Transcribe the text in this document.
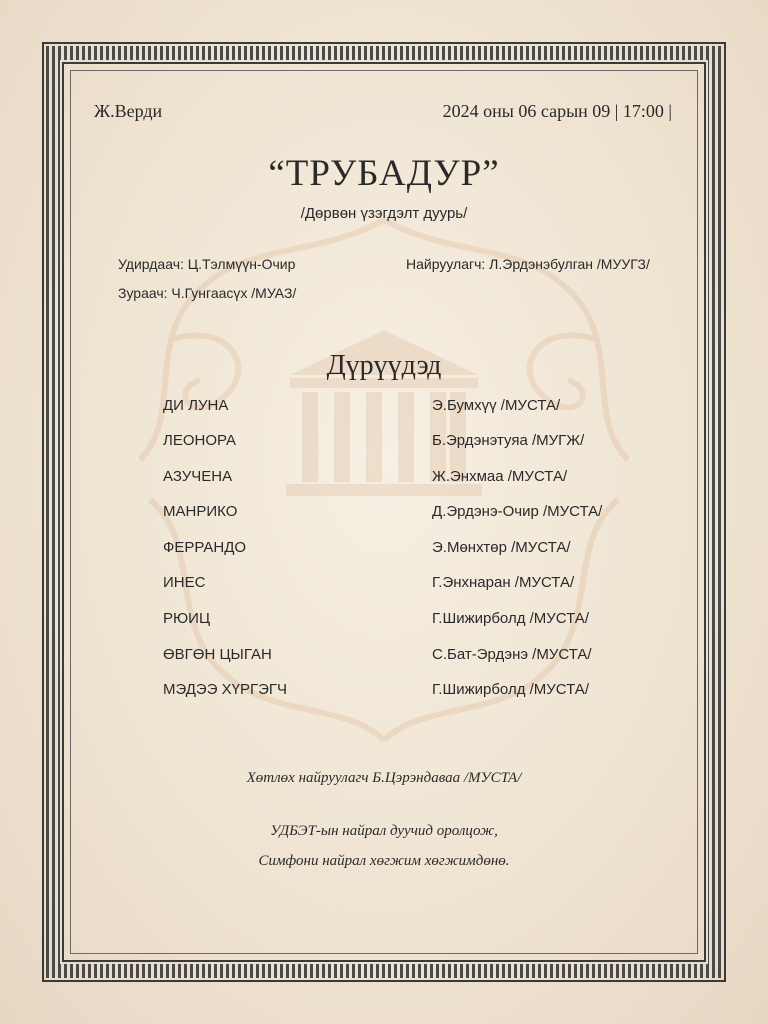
Ж.Верди	2024 оны 06 сарын 09 | 17:00 |
“ТРУБАДУР”
/Дөрвөн үзэгдэлт дуурь/
Удирдаач: Ц.Тэлмүүн-Очир	Найруулагч: Л.Эрдэнэбулган /МУУГЗ/
Зураач: Ч.Гунгаасүх /МУАЗ/
Дүрүүдэд
ДИ ЛУНА	Э.Бумхүү /МУСТА/
ЛЕОНОРА	Б.Эрдэнэтуяа /МУГЖ/
АЗУЧЕНА	Ж.Энхмаа /МУСТА/
МАНРИКО	Д.Эрдэнэ-Очир /МУСТА/
ФЕРРАНДО	Э.Мөнхтөр /МУСТА/
ИНЕС	Г.Энхнаран /МУСТА/
РЮИЦ	Г.Шижирболд /МУСТА/
ӨВГӨН ЦЫГАН	С.Бат-Эрдэнэ /МУСТА/
МЭДЭЭ ХҮРГЭГЧ	Г.Шижирболд /МУСТА/
Хөтлөх найруулагч Б.Цэрэндаваа /МУСТА/
УДБЭТ-ын найрал дуучид оролцож,
Симфони найрал хөгжим хөгжимдөнө.
